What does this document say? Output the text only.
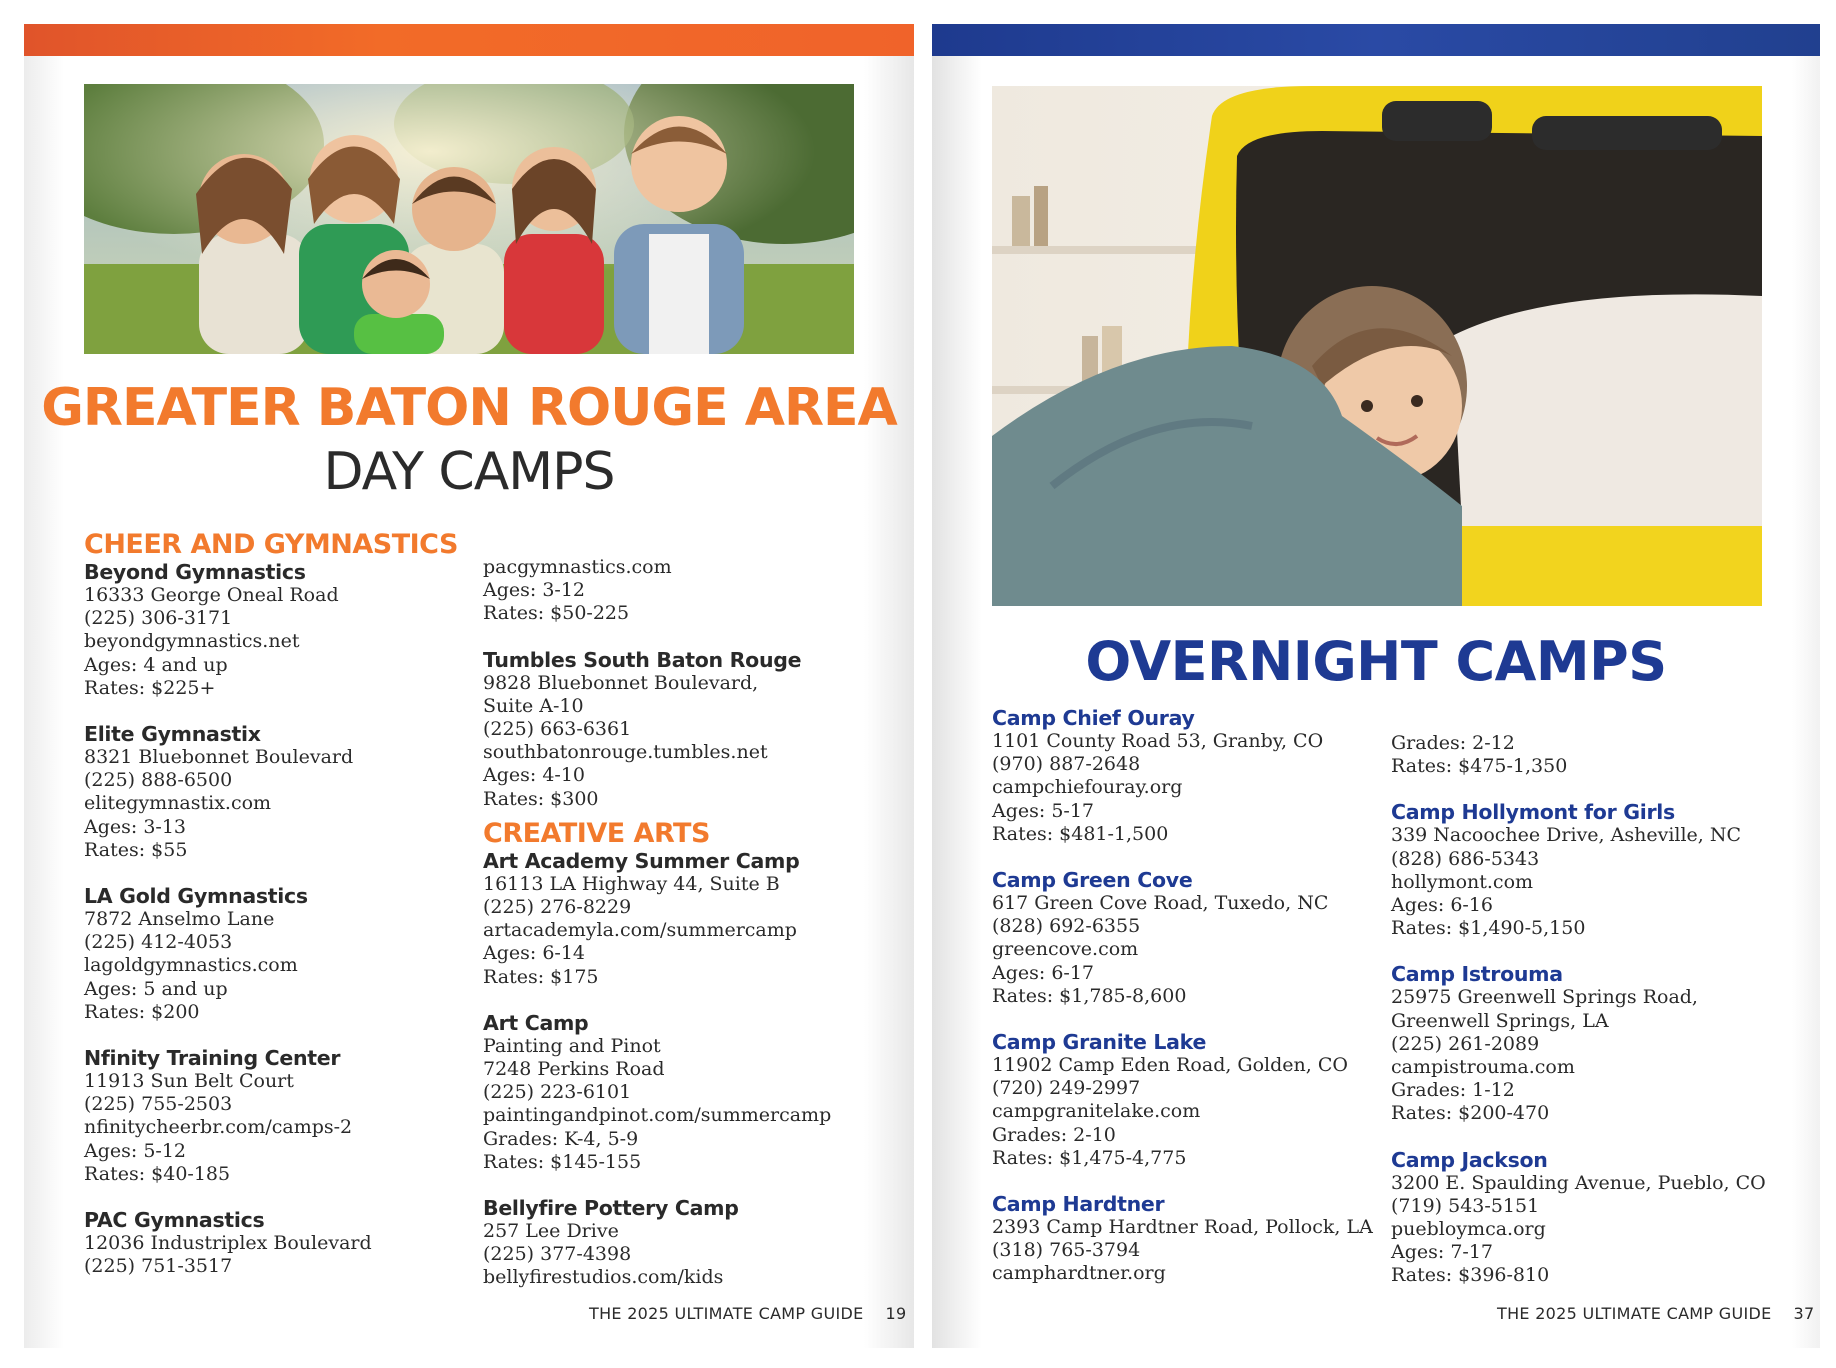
GREATER BATON ROUGE AREA
DAY CAMPS
CHEER AND GYMNASTICS
Beyond Gymnastics
16333 George Oneal Road
(225) 306-3171
beyondgymnastics.net
Ages: 4 and up
Rates: $225+
Elite Gymnastix
8321 Bluebonnet Boulevard
(225) 888-6500
elitegymnastix.com
Ages: 3-13
Rates: $55
LA Gold Gymnastics
7872 Anselmo Lane
(225) 412-4053
lagoldgymnastics.com
Ages: 5 and up
Rates: $200
Nfinity Training Center
11913 Sun Belt Court
(225) 755-2503
nfinitycheerbr.com/camps-2
Ages: 5-12
Rates: $40-185
PAC Gymnastics
12036 Industriplex Boulevard
(225) 751-3517
pacgymnastics.com
Ages: 3-12
Rates: $50-225
Tumbles South Baton Rouge
9828 Bluebonnet Boulevard,
Suite A-10
(225) 663-6361
southbatonrouge.tumbles.net
Ages: 4-10
Rates: $300
CREATIVE ARTS
Art Academy Summer Camp
16113 LA Highway 44, Suite B
(225) 276-8229
artacademyla.com/summercamp
Ages: 6-14
Rates: $175
Art Camp
Painting and Pinot
7248 Perkins Road
(225) 223-6101
paintingandpinot.com/summercamp
Grades: K-4, 5-9
Rates: $145-155
Bellyfire Pottery Camp
257 Lee Drive
(225) 377-4398
bellyfirestudios.com/kids
THE 2025 ULTIMATE CAMP GUIDE 19
OVERNIGHT CAMPS
Camp Chief Ouray
1101 County Road 53, Granby, CO
(970) 887-2648
campchiefouray.org
Ages: 5-17
Rates: $481-1,500
Camp Green Cove
617 Green Cove Road, Tuxedo, NC
(828) 692-6355
greencove.com
Ages: 6-17
Rates: $1,785-8,600
Camp Granite Lake
11902 Camp Eden Road, Golden, CO
(720) 249-2997
campgranitelake.com
Grades: 2-10
Rates: $1,475-4,775
Camp Hardtner
2393 Camp Hardtner Road, Pollock, LA
(318) 765-3794
camphardtner.org
Grades: 2-12
Rates: $475-1,350
Camp Hollymont for Girls
339 Nacoochee Drive, Asheville, NC
(828) 686-5343
hollymont.com
Ages: 6-16
Rates: $1,490-5,150
Camp Istrouma
25975 Greenwell Springs Road,
Greenwell Springs, LA
(225) 261-2089
campistrouma.com
Grades: 1-12
Rates: $200-470
Camp Jackson
3200 E. Spaulding Avenue, Pueblo, CO
(719) 543-5151
puebloymca.org
Ages: 7-17
Rates: $396-810
THE 2025 ULTIMATE CAMP GUIDE 37
